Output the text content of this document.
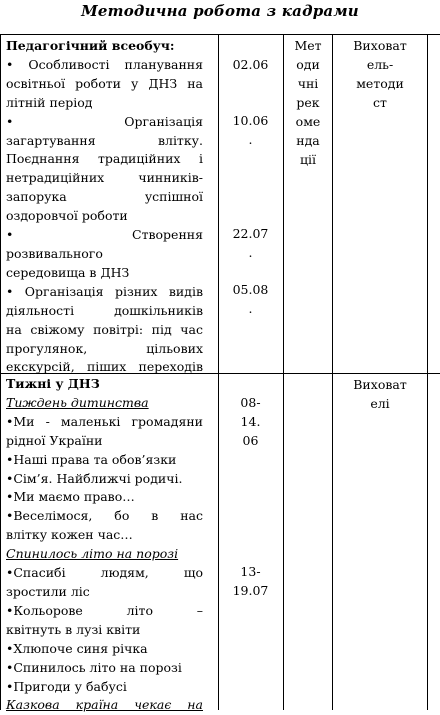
Методична робота з кадрами
Педагогічний всеобуч:
• Особливості планування
освітньої роботи у ДНЗ на
літній період
• Організація
загартування влітку.
Поєднання традиційних і
нетрадиційних чинників-
запорука успішної
оздоровчої роботи
• Створення
розвивального
середовища в ДНЗ
• Організація різних видів
діяльності дошкільників
на свіжому повітрі: під час
прогулянок, цільових
екскурсій, піших переходів
02.06
10.06
.
22.07
.
05.08
.
Мет
оди
чні
рек
оме
нда
ції
Виховат
ель-
методи
ст
Тижні у ДНЗ
Тиждень дитинства
•Ми - маленькі громадяни
рідної України
•Наші права та обов’язки
•Сім’я. Найближчі родичі.
•Ми маємо право…
•Веселімося, бо в нас
влітку кожен час…
Спинилось літо на порозі
•Спасибі людям, що
зростили ліс
•Кольорове літо –
квітнуть в лузі квіти
•Хлюпоче синя річка
•Спинилось літо на порозі
•Пригоди у бабусі
Казкова країна чекає на
08-
14.
06
13-
19.07
Виховат
елі
